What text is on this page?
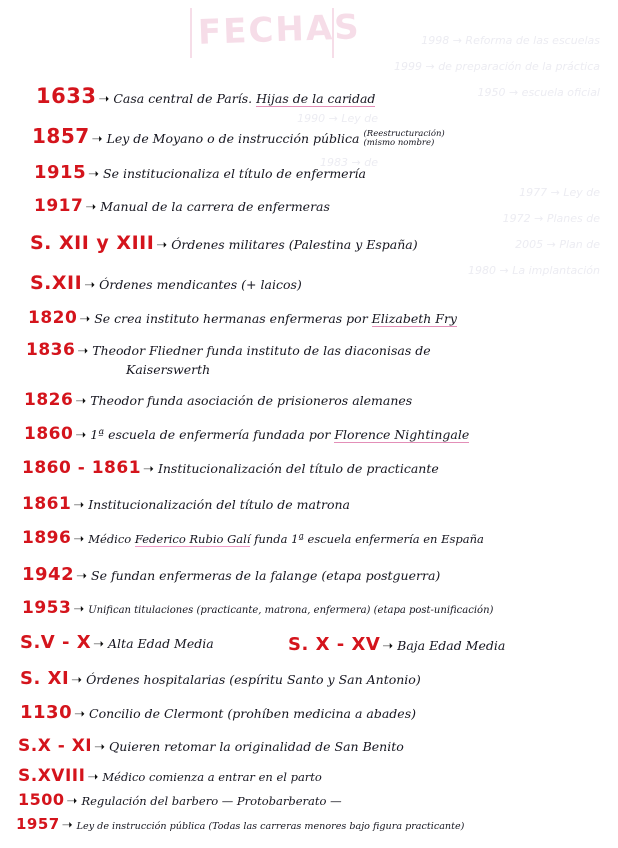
FECHAS	1998 → Reforma de las escuelas
1999 → de preparación de la práctica
1950 → escuela oficial
1990 → Ley de
1983 → de
1977 → Ley de
1972 → Planes de
2005 → Plan de
1980 → La implantación
1633 ➝ Casa central de París. Hijas de la caridad
1857 ➝ Ley de Moyano o de instrucción pública (Reestructuración)
(mismo nombre)
1915 ➝ Se institucionaliza el título de enfermería
1917 ➝ Manual de la carrera de enfermeras
S. XII y XIII ➝ Órdenes militares (Palestina y España)
S.XII ➝ Órdenes mendicantes (+ laicos)
1820 ➝ Se crea instituto hermanas enfermeras por Elizabeth Fry
1836 ➝ Theodor Fliedner funda instituto de las diaconisas de
Kaiserswerth
1826 ➝ Theodor funda asociación de prisioneros alemanes
1860 ➝ 1ª escuela de enfermería fundada por Florence Nightingale
1860 - 1861 ➝ Institucionalización del título de practicante
1861 ➝ Institucionalización del título de matrona
1896 ➝ Médico Federico Rubio Galí funda 1ª escuela enfermería en España
1942 ➝ Se fundan enfermeras de la falange (etapa postguerra)
1953 ➝ Unifican titulaciones (practicante, matrona, enfermera) (etapa post-unificación)
S.V - X ➝ Alta Edad Media	S. X - XV ➝ Baja Edad Media
S. XI ➝ Órdenes hospitalarias (espíritu Santo y San Antonio)
1130 ➝ Concilio de Clermont (prohíben medicina a abades)
S.X - XI ➝ Quieren retomar la originalidad de San Benito
S.XVIII ➝ Médico comienza a entrar en el parto
1500 ➝ Regulación del barbero — Protobarberato —
1957 ➝ Ley de instrucción pública (Todas las carreras menores bajo figura practicante)
